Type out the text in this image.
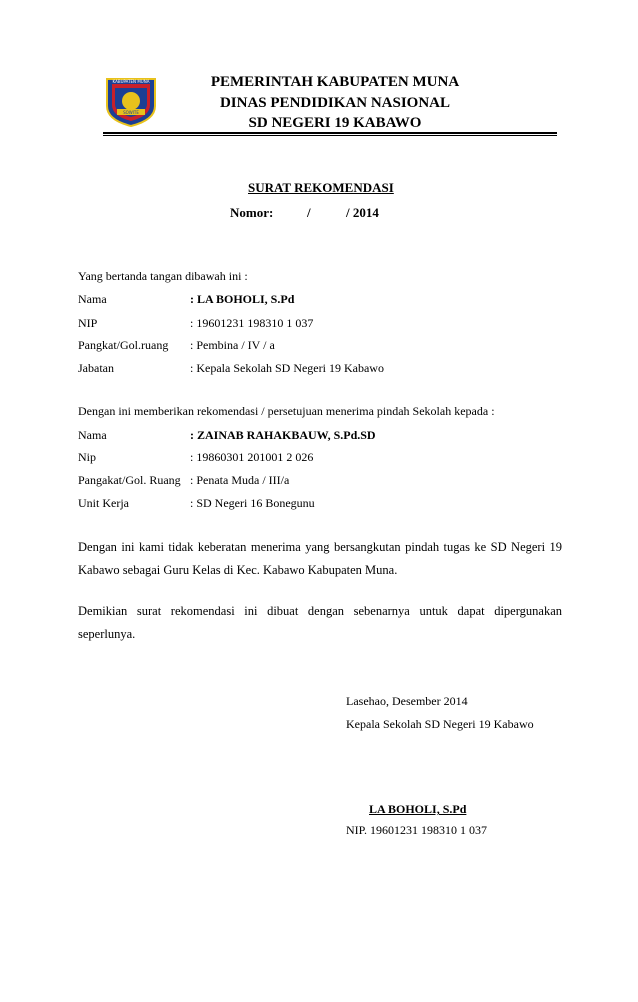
KABUPATEN MUNA
SOWITE
PEMERINTAH KABUPATEN MUNA
DINAS PENDIDIKAN NASIONAL
SD NEGERI 19 KABAWO
SURAT REKOMENDASI
Nomor:	/	/ 2014
Yang bertanda tangan dibawah ini :
Nama	: LA BOHOLI, S.Pd
NIP	: 19601231 198310 1 037
Pangkat/Gol.ruang : Pembina / IV / a
Jabatan	: Kepala Sekolah SD Negeri 19 Kabawo
Dengan ini memberikan rekomendasi / persetujuan menerima pindah Sekolah kepada :
Nama	: ZAINAB RAHAKBAUW, S.Pd.SD
Nip	: 19860301 201001 2 026
Pangakat/Gol. Ruang : Penata Muda / III/a
Unit Kerja	: SD Negeri 16 Bonegunu
Dengan ini kami tidak keberatan menerima yang bersangkutan pindah tugas ke SD Negeri 19 Kabawo sebagai Guru Kelas di Kec. Kabawo Kabupaten Muna.
Demikian surat rekomendasi ini dibuat dengan sebenarnya untuk dapat dipergunakan seperlunya.
Lasehao, Desember 2014
Kepala Sekolah SD Negeri 19 Kabawo
LA BOHOLI, S.Pd
NIP. 19601231 198310 1 037
